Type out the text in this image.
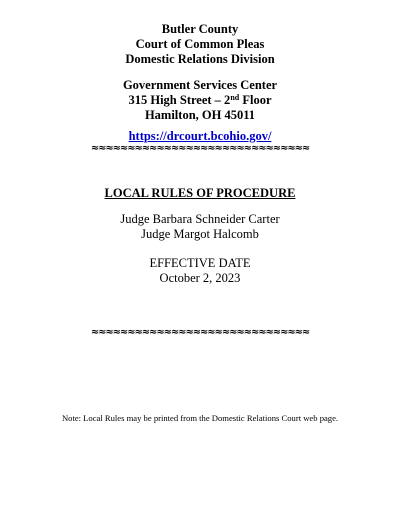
Butler County
Court of Common Pleas
Domestic Relations Division
Government Services Center
315 High Street – 2nd Floor
Hamilton, OH 45011
https://drcourt.bcohio.gov/
≈≈≈≈≈≈≈≈≈≈≈≈≈≈≈≈≈≈≈≈≈≈≈≈≈≈≈≈≈≈
LOCAL RULES OF PROCEDURE
Judge Barbara Schneider Carter
Judge Margot Halcomb
EFFECTIVE DATE
October 2, 2023
≈≈≈≈≈≈≈≈≈≈≈≈≈≈≈≈≈≈≈≈≈≈≈≈≈≈≈≈≈≈
Note: Local Rules may be printed from the Domestic Relations Court web page.
